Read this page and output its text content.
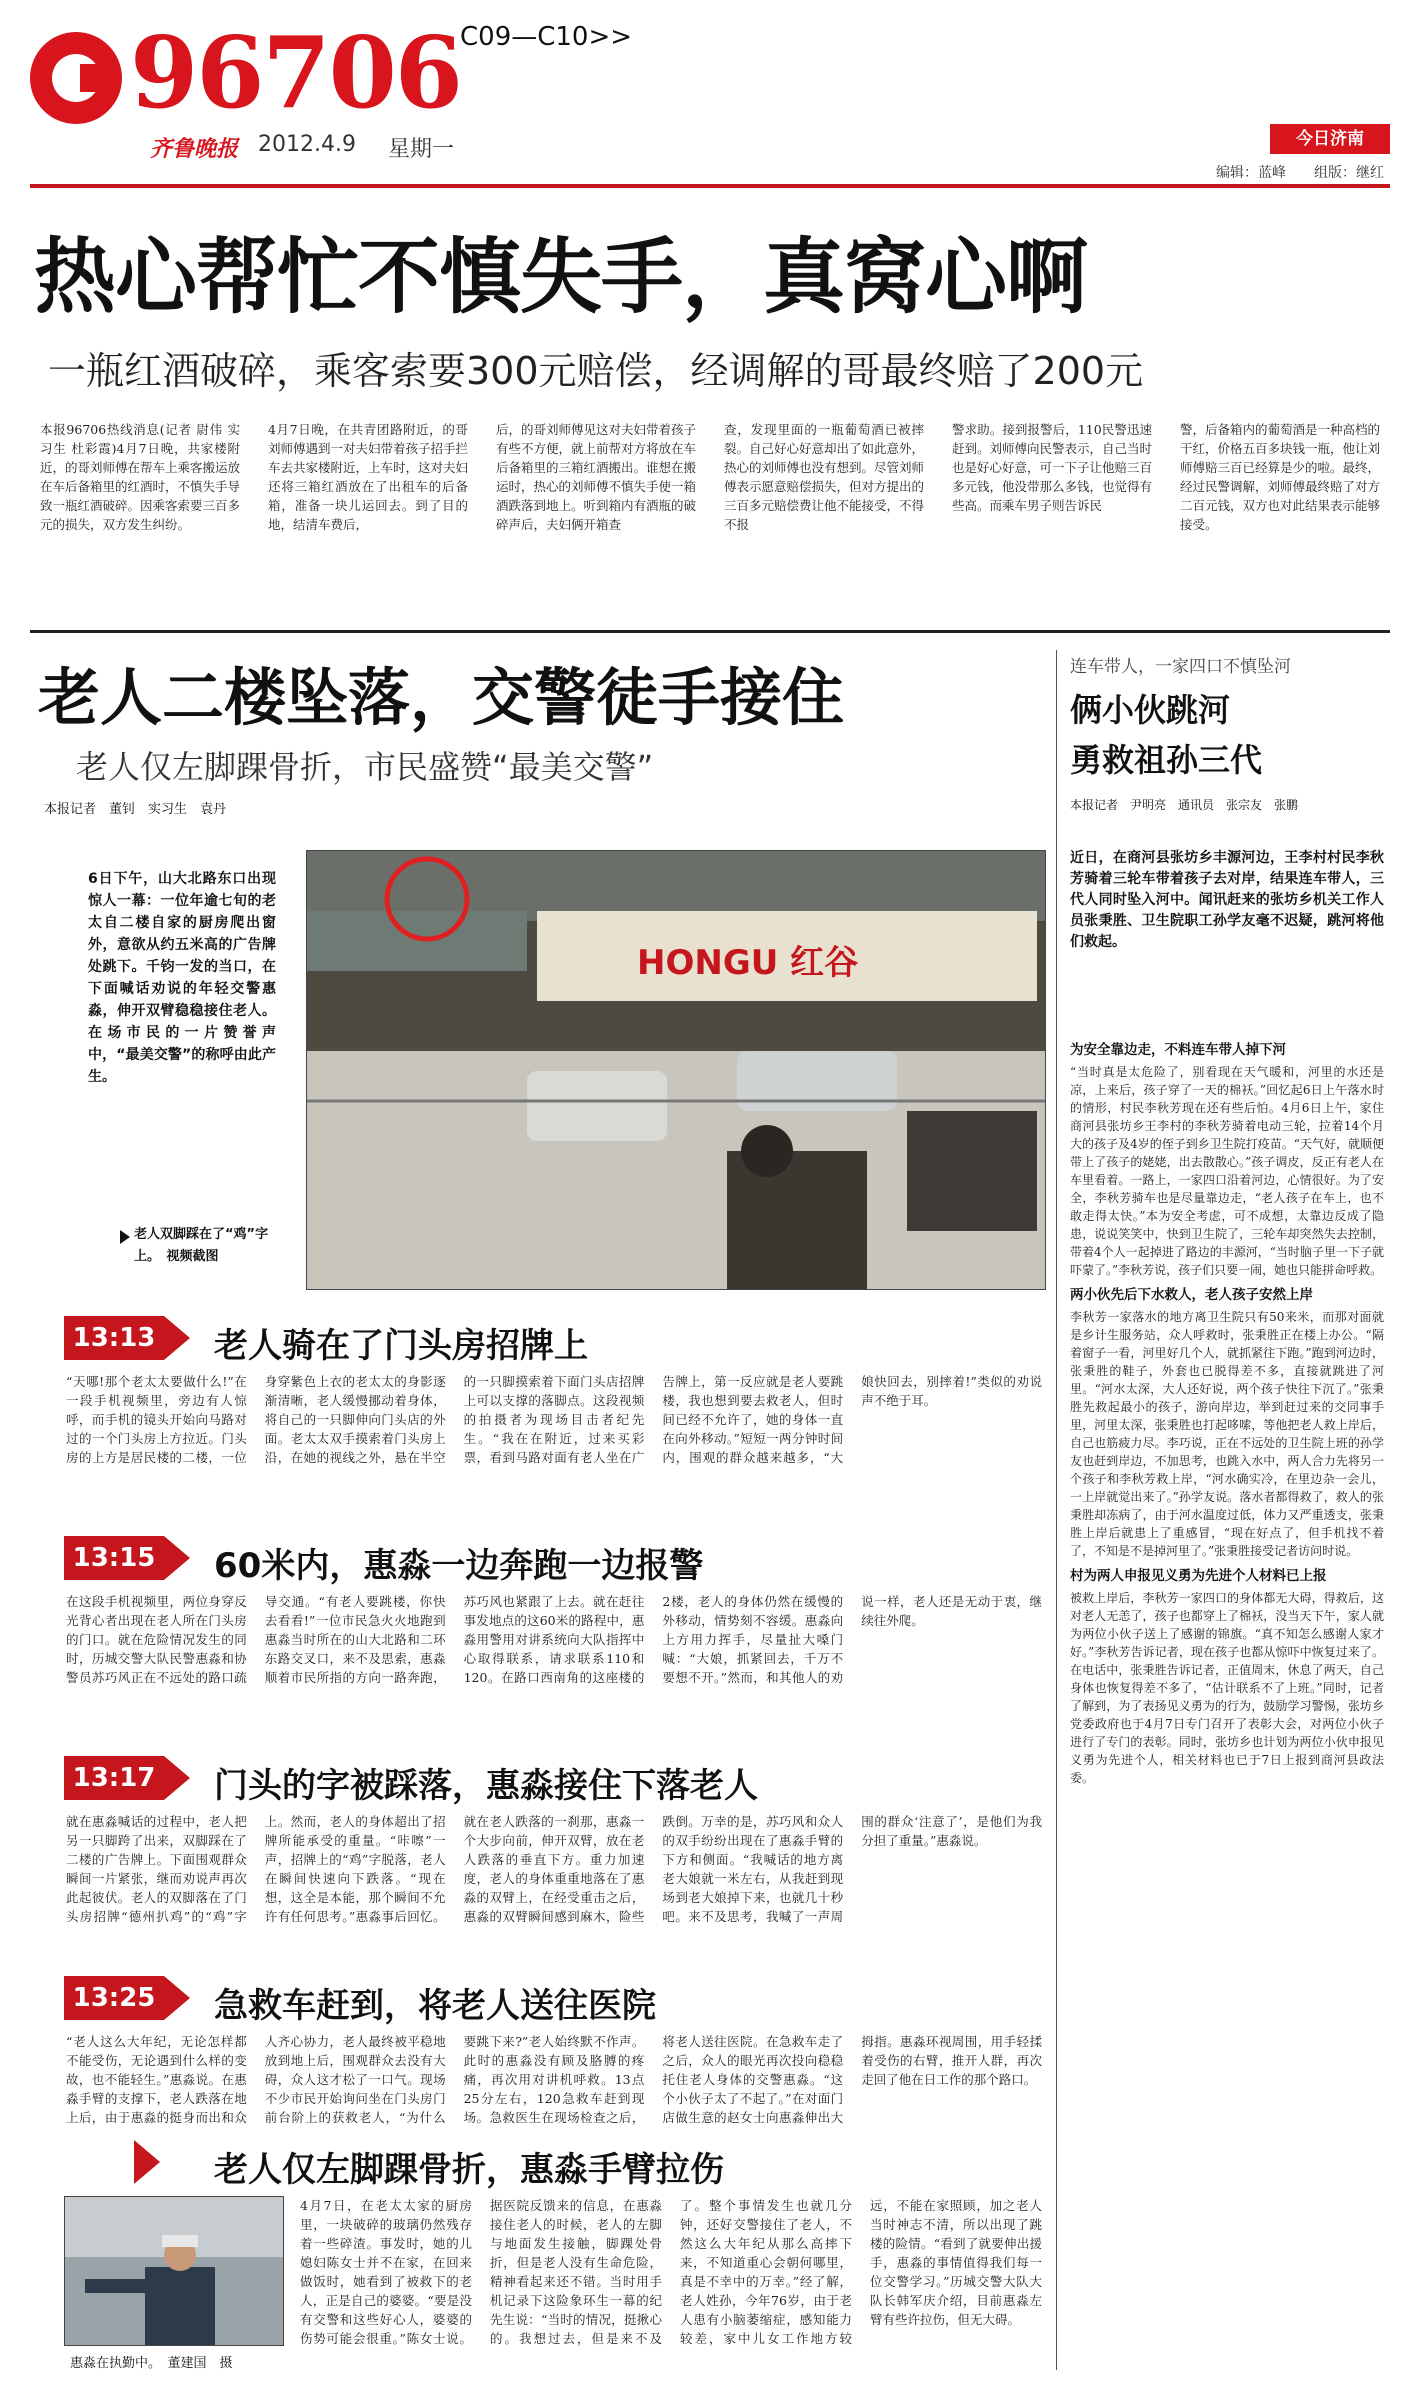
96706 C09—C10>>
齐鲁晚报 2012.4.9 星期一	今日济南
编辑：蓝峰 组版：继红
热心帮忙不慎失手，真窝心啊
一瓶红酒破碎，乘客索要300元赔偿，经调解的哥最终赔了200元
本报96706热线消息(记者 尉伟 实习生 杜彩霞)4月7日晚，共家楼附近，的哥刘师傅在帮车上乘客搬运放在车后备箱里的红酒时，不慎失手导致一瓶红酒破碎。因乘客索要三百多元的损失，双方发生纠纷。
4月7日晚，在共青团路附近，的哥刘师傅遇到一对夫妇带着孩子招手拦车去共家楼附近，上车时，这对夫妇还将三箱红酒放在了出租车的后备箱，准备一块儿运回去。到了目的地，结清车费后，
后，的哥刘师傅见这对夫妇带着孩子有些不方便，就上前帮对方将放在车后备箱里的三箱红酒搬出。谁想在搬运时，热心的刘师傅不慎失手使一箱酒跌落到地上。听到箱内有酒瓶的破碎声后，夫妇俩开箱查
查，发现里面的一瓶葡萄酒已被摔裂。自己好心好意却出了如此意外，热心的刘师傅也没有想到。尽管刘师傅表示愿意赔偿损失，但对方提出的三百多元赔偿费让他不能接受，不得不报
警求助。接到报警后，110民警迅速赶到。刘师傅向民警表示，自己当时也是好心好意，可一下子让他赔三百多元钱，他没带那么多钱，也觉得有些高。而乘车男子则告诉民
警，后备箱内的葡萄酒是一种高档的干红，价格五百多块钱一瓶，他让刘师傅赔三百已经算是少的啦。最终，经过民警调解，刘师傅最终赔了对方二百元钱，双方也对此结果表示能够接受。
老人二楼坠落，交警徒手接住
老人仅左脚踝骨折，市民盛赞“最美交警”
本报记者　董钊　实习生　袁丹
6日下午，山大北路东口出现惊人一幕：一位年逾七旬的老太自二楼自家的厨房爬出窗外，意欲从约五米高的广告牌处跳下。千钧一发的当口，在下面喊话劝说的年轻交警惠淼，伸开双臂稳稳接住老人。在场市民的一片赞誉声中，“最美交警”的称呼由此产生。
HONGU 红谷
老人双脚踩在了“鸡”字上。　视频截图
13:13 老人骑在了门头房招牌上
“天哪!那个老太太要做什么!”在一段手机视频里，旁边有人惊呼，而手机的镜头开始向马路对过的一个门头房上方拉近。门头房的上方是居民楼的二楼，一位身穿紫色上衣的老太太的身影逐渐清晰，老人缓慢挪动着身体，将自己的一只脚伸向门头店的外面。老太太双手摸索着门头房上沿，在她的视线之外，悬在半空的一只脚摸索着下面门头店招牌上可以支撑的落脚点。这段视频的拍摄者为现场目击者纪先生。“我在在附近，过来买彩票，看到马路对面有老人坐在广告牌上，第一反应就是老人要跳楼，我也想到要去救老人，但时间已经不允许了，她的身体一直在向外移动。”短短一两分钟时间内，围观的群众越来越多，“大娘快回去，别摔着!”类似的劝说声不绝于耳。
13:15 60米内，惠淼一边奔跑一边报警
在这段手机视频里，两位身穿反光背心者出现在老人所在门头房的门口。就在危险情况发生的同时，历城交警大队民警惠淼和协警员苏巧风正在不远处的路口疏导交通。“有老人要跳楼，你快去看看!”一位市民急火火地跑到惠淼当时所在的山大北路和二环东路交叉口，来不及思索，惠淼顺着市民所指的方向一路奔跑，苏巧风也紧跟了上去。就在赶往事发地点的这60米的路程中，惠淼用警用对讲系统向大队指挥中心取得联系，请求联系110和120。在路口西南角的这座楼的2楼，老人的身体仍然在缓慢的外移动，情势刻不容缓。惠淼向上方用力挥手，尽量扯大嗓门喊：“大娘，抓紧回去，千万不要想不开。”然而，和其他人的劝说一样，老人还是无动于衷，继续往外爬。
13:17 门头的字被踩落，惠淼接住下落老人
就在惠淼喊话的过程中，老人把另一只脚跨了出来，双脚踩在了二楼的广告牌上。下面围观群众瞬间一片紧张，继而劝说声再次此起彼伏。老人的双脚落在了门头房招牌“德州扒鸡”的“鸡”字上。然而，老人的身体超出了招牌所能承受的重量。“咔嚓”一声，招牌上的“鸡”字脱落，老人在瞬间快速向下跌落。“现在想，这全是本能，那个瞬间不允许有任何思考。”惠淼事后回忆。就在老人跌落的一刹那，惠淼一个大步向前，伸开双臂，放在老人跌落的垂直下方。重力加速度，老人的身体重重地落在了惠淼的双臂上，在经受重击之后，惠淼的双臂瞬间感到麻木，险些跌倒。万幸的是，苏巧风和众人的双手纷纷出现在了惠淼手臂的下方和侧面。“我喊话的地方离老大娘就一米左右，从我赶到现场到老大娘掉下来，也就几十秒吧。来不及思考，我喊了一声周围的群众‘注意了’，是他们为我分担了重量。”惠淼说。
13:25 急救车赶到，将老人送往医院
“老人这么大年纪，无论怎样都不能受伤，无论遇到什么样的变故，也不能轻生。”惠淼说。在惠淼手臂的支撑下，老人跌落在地上后，由于惠淼的挺身而出和众人齐心协力，老人最终被平稳地放到地上后，围观群众去没有大碍，众人这才松了一口气。现场不少市民开始询问坐在门头房门前台阶上的获救老人，“为什么要跳下来?”老人始终默不作声。此时的惠淼没有顾及胳膊的疼痛，再次用对讲机呼救。13点25分左右，120急救车赶到现场。急救医生在现场检查之后，将老人送往医院。在急救车走了之后，众人的眼光再次投向稳稳托住老人身体的交警惠淼。“这个小伙子太了不起了。”在对面门店做生意的赵女士向惠淼伸出大拇指。惠淼环视周围，用手轻揉着受伤的右臂，推开人群，再次走回了他在日工作的那个路口。
老人仅左脚踝骨折，惠淼手臂拉伤
惠淼在执勤中。　董建国　摄
4月7日，在老太太家的厨房里，一块破碎的玻璃仍然残存着一些碎渣。事发时，她的儿媳妇陈女士并不在家，在回来做饭时，她看到了被救下的老人，正是自己的婆婆。“要是没有交警和这些好心人，婆婆的伤势可能会很重。”陈女士说。据医院反馈来的信息，在惠淼接住老人的时候，老人的左脚与地面发生接触，脚踝处骨折，但是老人没有生命危险，精神看起来还不错。当时用手机记录下这险象环生一幕的纪先生说：“当时的情况，挺揪心的。我想过去，但是来不及了。整个事情发生也就几分钟，还好交警接住了老人，不然这么大年纪从那么高摔下来，不知道重心会朝何哪里，真是不幸中的万幸。”经了解，老人姓孙，今年76岁，由于老人患有小脑萎缩症，感知能力较差，家中儿女工作地方较远，不能在家照顾，加之老人当时神志不清，所以出现了跳楼的险情。“看到了就要伸出援手，惠淼的事情值得我们每一位交警学习。”历城交警大队大队长韩军庆介绍，目前惠淼左臂有些许拉伤，但无大碍。
连车带人，一家四口不慎坠河
俩小伙跳河
勇救祖孙三代
本报记者　尹明亮　通讯员　张宗友　张鹏
近日，在商河县张坊乡丰源河边，王李村村民李秋芳骑着三轮车带着孩子去对岸，结果连车带人，三代人同时坠入河中。闻讯赶来的张坊乡机关工作人员张秉胜、卫生院职工孙学友毫不迟疑，跳河将他们救起。
为安全靠边走，不料连车带人掉下河
“当时真是太危险了，别看现在天气暖和，河里的水还是凉，上来后，孩子穿了一天的棉袄。”回忆起6日上午落水时的情形，村民李秋芳现在还有些后怕。4月6日上午，家住商河县张坊乡王李村的李秋芳骑着电动三轮，拉着14个月大的孩子及4岁的侄子到乡卫生院打疫苗。“天气好，就顺便带上了孩子的姥姥，出去散散心。”孩子调皮，反正有老人在车里看着。一路上，一家四口沿着河边，心情很好。为了安全，李秋芳骑车也是尽量靠边走，“老人孩子在车上，也不敢走得太快。”本为安全考虑，可不成想，太靠边反成了隐患，说说笑笑中，快到卫生院了，三轮车却突然失去控制，带着4个人一起掉进了路边的丰源河，“当时脑子里一下子就吓蒙了。”李秋芳说，孩子们只要一闹，她也只能拼命呼救。
两小伙先后下水救人，老人孩子安然上岸
李秋芳一家落水的地方离卫生院只有50来米，而那对面就是乡计生服务站，众人呼救时，张秉胜正在楼上办公。“隔着窗子一看，河里好几个人，就抓紧往下跑。”跑到河边时，张秉胜的鞋子，外套也已脱得差不多，直接就跳进了河里。“河水太深，大人还好说，两个孩子快往下沉了。”张秉胜先救起最小的孩子，游向岸边，举到赶过来的交同事手里，河里太深，张秉胜也打起哆嗦，等他把老人救上岸后，自己也筋疲力尽。李巧说，正在不远处的卫生院上班的孙学友也赶到岸边，不加思考，也跳入水中，两人合力先将另一个孩子和李秋芳救上岸，“河水确实冷，在里边杂一会儿，一上岸就觉出来了。”孙学友说。落水者都得救了，救人的张秉胜却冻病了，由于河水温度过低，体力又严重透支，张秉胜上岸后就患上了重感冒，“现在好点了，但手机找不着了，不知是不是掉河里了。”张秉胜接受记者访问时说。
村为两人申报见义勇为先进个人材料已上报
被救上岸后，李秋芳一家四口的身体都无大碍，得救后，这对老人无恙了，孩子也都穿上了棉袄，没当天下午，家人就为两位小伙子送上了感谢的锦旗。“真不知怎么感谢人家才好。”李秋芳告诉记者，现在孩子也都从惊吓中恢复过来了。在电话中，张秉胜告诉记者，正值周末，休息了两天，自己身体也恢复得差不多了，“估计联系不了上班。”同时，记者了解到，为了表扬见义勇为的行为，鼓励学习警惕，张坊乡党委政府也于4月7日专门召开了表彰大会，对两位小伙子进行了专门的表彰。同时，张坊乡也计划为两位小伙申报见义勇为先进个人，相关材料也已于7日上报到商河县政法委。
